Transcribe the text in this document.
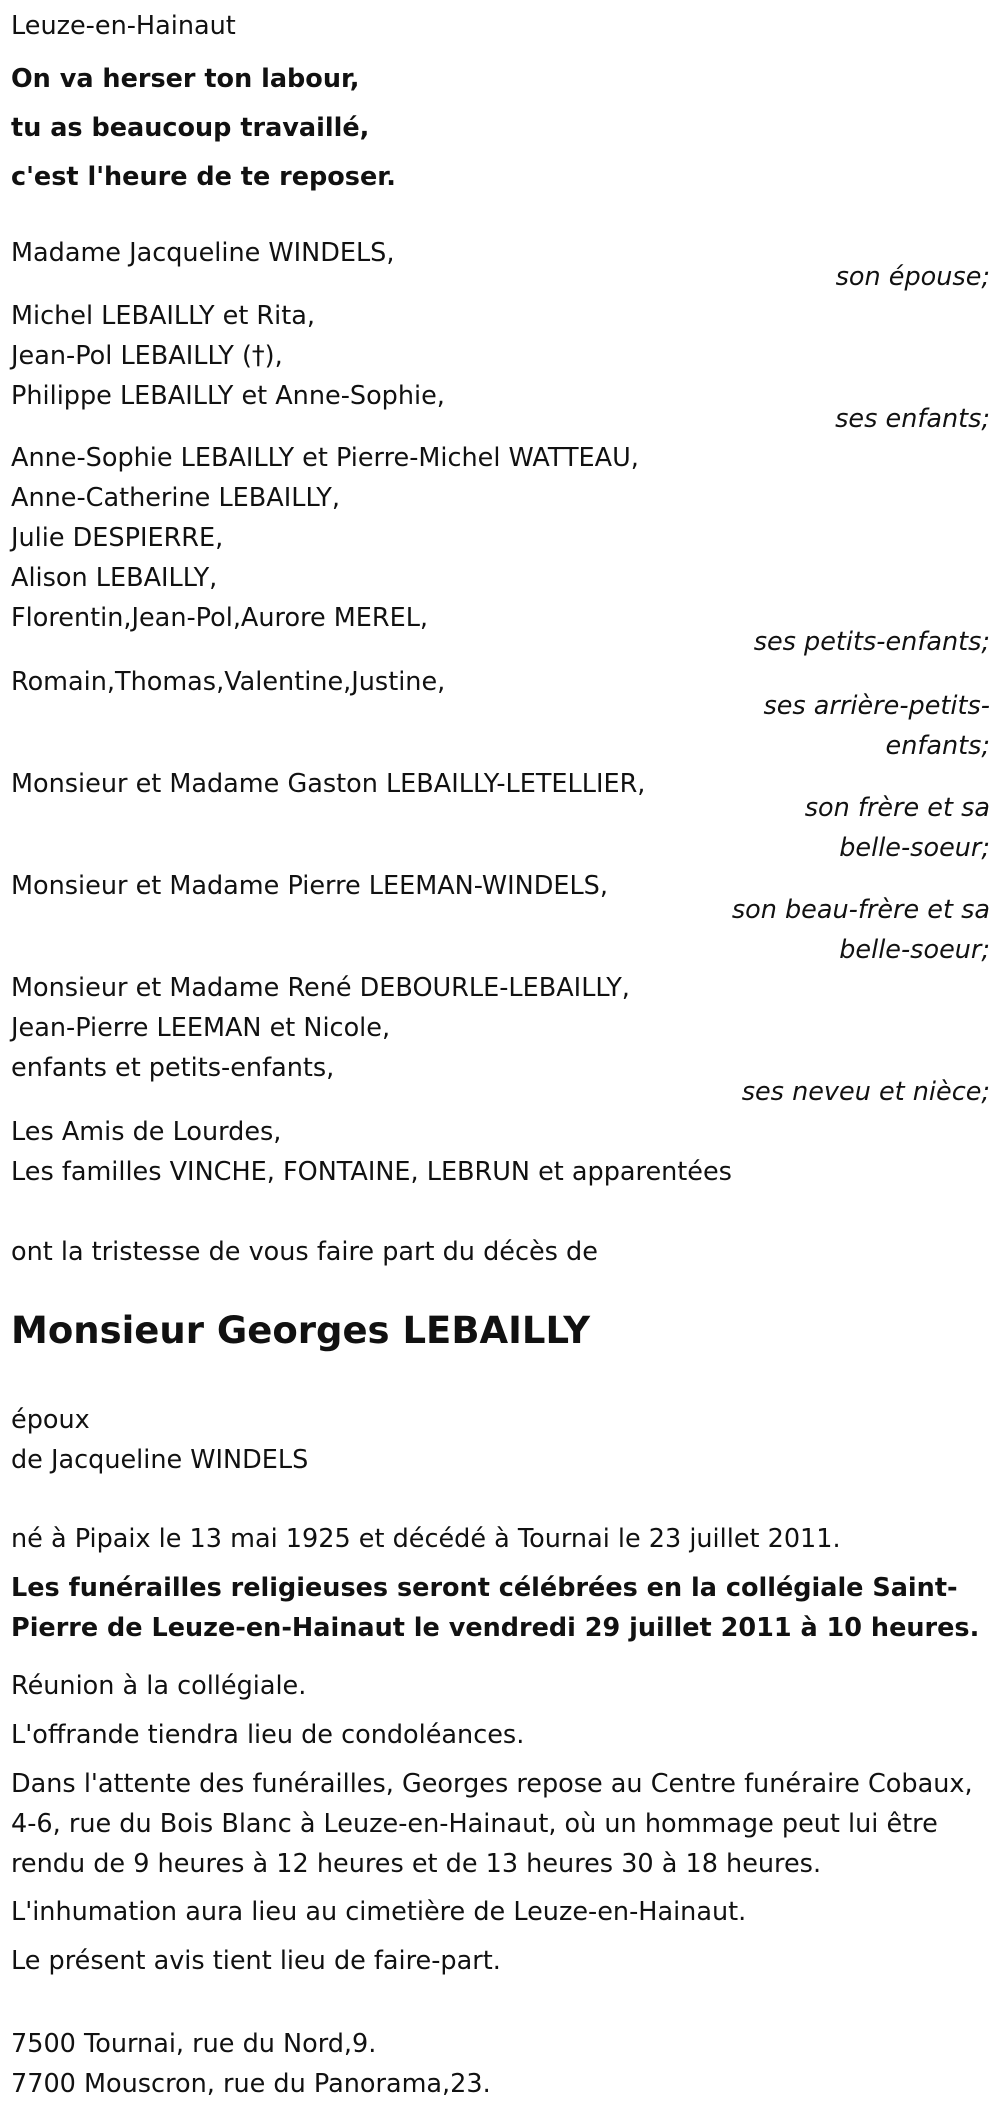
Leuze-en-Hainaut
On va herser ton labour,
tu as beaucoup travaillé,
c'est l'heure de te reposer.
Madame Jacqueline WINDELS,
son épouse;
Michel LEBAILLY et Rita,
Jean-Pol LEBAILLY (†),
Philippe LEBAILLY et Anne-Sophie,
ses enfants;
Anne-Sophie LEBAILLY et Pierre-Michel WATTEAU,
Anne-Catherine LEBAILLY,
Julie DESPIERRE,
Alison LEBAILLY,
Florentin,Jean-Pol,Aurore MEREL,
ses petits-enfants;
Romain,Thomas,Valentine,Justine,
ses arrière-petits-enfants;
Monsieur et Madame Gaston LEBAILLY-LETELLIER,
son frère et sa belle-soeur;
Monsieur et Madame Pierre LEEMAN-WINDELS,
son beau-frère et sa belle-soeur;
Monsieur et Madame René DEBOURLE-LEBAILLY,
Jean-Pierre LEEMAN et Nicole,
enfants et petits-enfants,
ses neveu et nièce;
Les Amis de Lourdes,
Les familles VINCHE, FONTAINE, LEBRUN et apparentées
ont la tristesse de vous faire part du décès de
Monsieur Georges LEBAILLY
époux
de Jacqueline WINDELS
né à Pipaix le 13 mai 1925 et décédé à Tournai le 23 juillet 2011.
Les funérailles religieuses seront célébrées en la collégiale Saint-Pierre de Leuze-en-Hainaut le vendredi 29 juillet 2011 à 10 heures.
Réunion à la collégiale.
L'offrande tiendra lieu de condoléances.
Dans l'attente des funérailles, Georges repose au Centre funéraire Cobaux, 4-6, rue du Bois Blanc à Leuze-en-Hainaut, où un hommage peut lui être rendu de 9 heures à 12 heures et de 13 heures 30 à 18 heures.
L'inhumation aura lieu au cimetière de Leuze-en-Hainaut.
Le présent avis tient lieu de faire-part.
7500 Tournai, rue du Nord,9.
7700 Mouscron, rue du Panorama,23.
